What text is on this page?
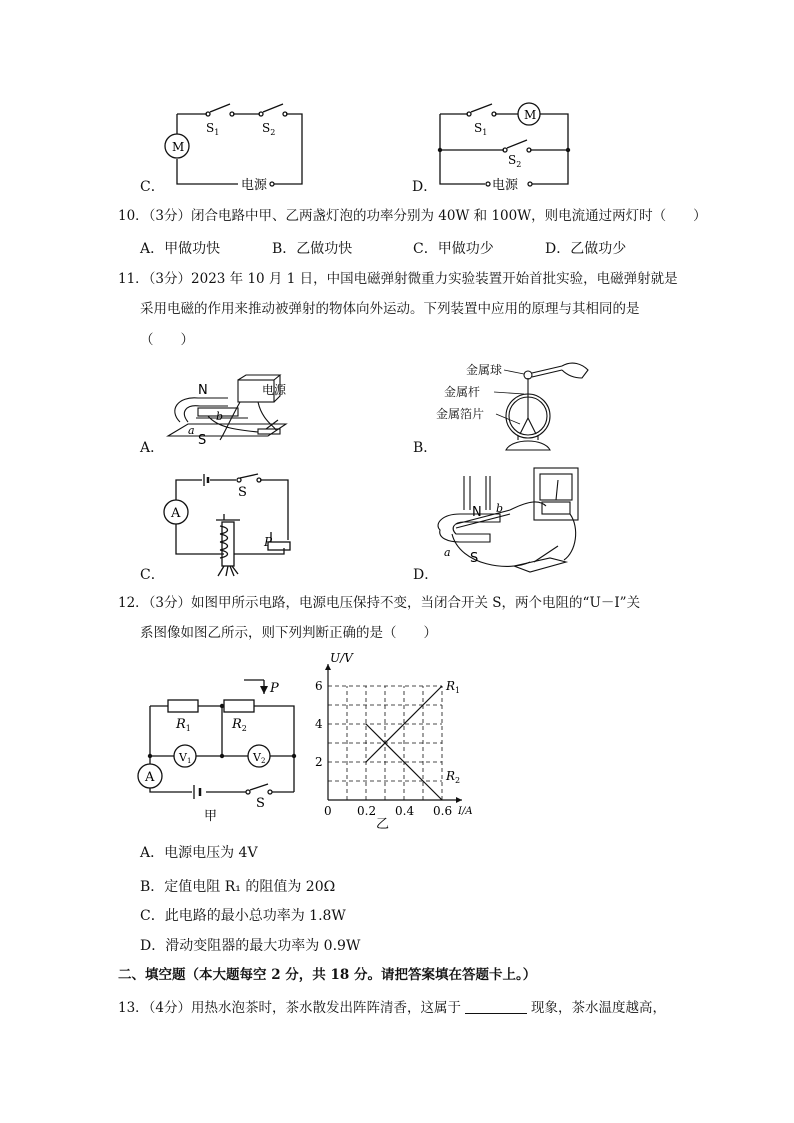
C．
M
$S_1$	$S_2$
电源	D．
M
$S_1$
$S_2$
电源
10．（3分）闭合电路中甲、乙两盏灯泡的功率分别为 40W 和 100W，则电流通过两灯时（　　）
A．甲做功快	B．乙做功快	C．甲做功少	D．乙做功少
11．（3分）2023 年 10 月 1 日，中国电磁弹射微重力实验装置开始首批实验，电磁弹射就是
采用电磁的作用来推动被弹射的物体向外运动。下列装置中应用的原理与其相同的是
（　　）
A．
N
S
a
b
电源
B．
金属球
金属杆
金属箔片
C．
A
S
P
D．
N
S
a
b
12．（3分）如图甲所示电路，电源电压保持不变，当闭合开关 S，两个电阻的“U－I”关
系图像如图乙所示，则下列判断正确的是（　　）
$R_1$	$R_2$
P
V1	V2
A
S
甲	0 0.2 0.4 0.6
2
4
6
U/V
I/A
乙
$R_1$
$R_2$
A．电源电压为 4V
B．定值电阻 R₁ 的阻值为 20Ω
C．此电路的最小总功率为 1.8W
D．滑动变阻器的最大功率为 0.9W
二、填空题（本大题每空 2 分，共 18 分。请把答案填在答题卡上。）
13．（4分）用热水泡茶时，茶水散发出阵阵清香，这属于	现象，茶水温度越高，
